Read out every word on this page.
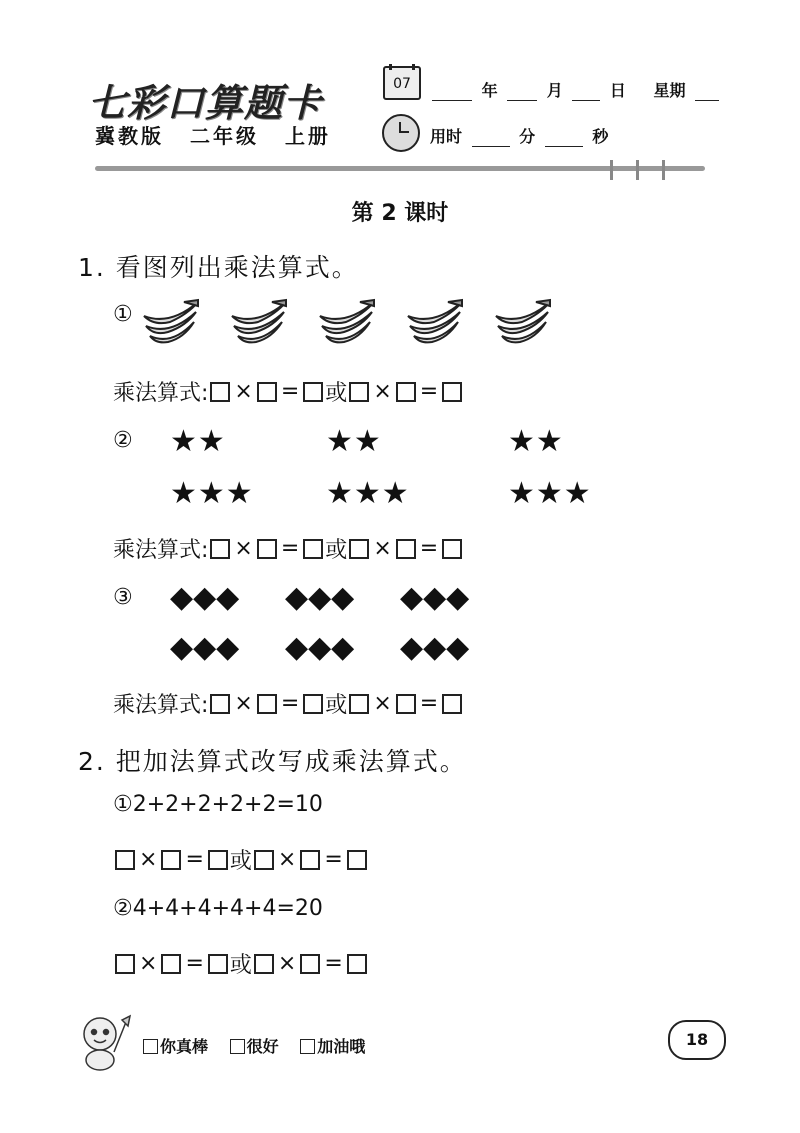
七彩口算题卡
冀教版 二年级 上册
07	年	月	日 星期
用时	分	秒
第 2 课时
1. 看图列出乘法算式。
①
乘法算式: × = 或 × =
② ★★	★★	★★
★★★ ★★★	★★★
乘法算式: × = 或 × =
③ ◆◆◆ ◆◆◆ ◆◆◆
◆◆◆ ◆◆◆ ◆◆◆
乘法算式: × = 或 × =
2. 把加法算式改写成乘法算式。
①2+2+2+2+2=10
× = 或 × =
②4+4+4+4+4=20
× = 或 × =
你真棒 很好 加油哦	18
